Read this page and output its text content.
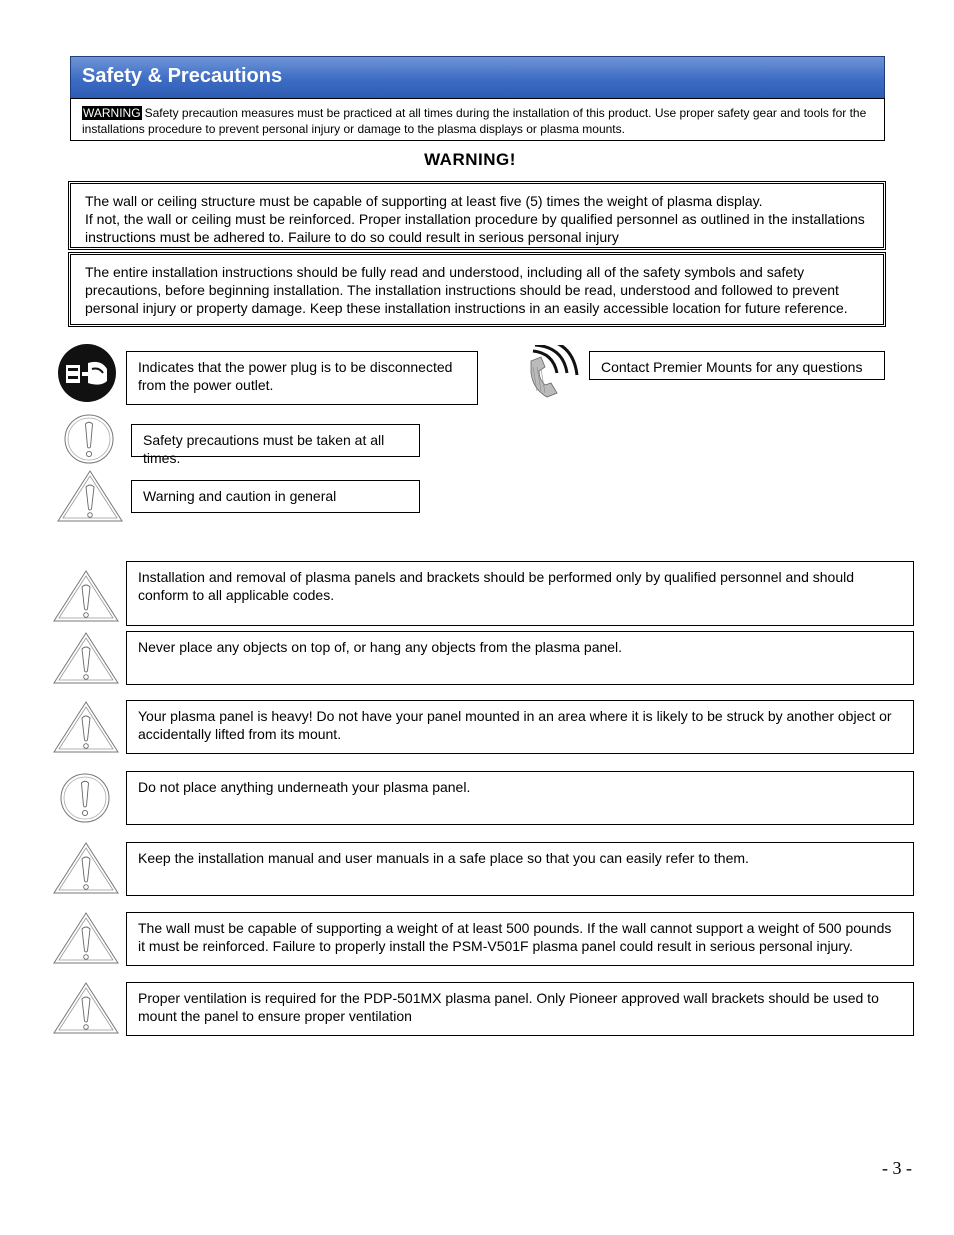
Safety & Precautions
WARNING Safety precaution measures must be practiced at all times during the installation of this product. Use proper safety gear and tools for the installations procedure to prevent personal injury or damage to the plasma displays or plasma mounts.
WARNING!
The wall or ceiling structure must be capable of supporting at least five (5) times the weight of plasma display.
If not, the wall or ceiling must be reinforced. Proper installation procedure by qualified personnel as outlined in the installations instructions must be adhered to. Failure to do so could result in serious personal injury
The entire installation instructions should be fully read and understood, including all of the safety symbols and safety precautions, before beginning installation. The installation instructions should be read, understood and followed to prevent personal injury or property damage. Keep these installation instructions in an easily accessible location for future reference.
Indicates that the power plug is to be disconnected from the power outlet.
Contact Premier Mounts for any questions
Safety precautions must be taken at all times.
Warning and caution in general
Installation and removal of plasma panels and brackets should be performed only by qualified personnel and should conform to all applicable codes.
Never place any objects on top of, or hang any objects from the plasma panel.
Your plasma panel is heavy! Do not have your panel mounted in an area where it is likely to be struck by another object or accidentally lifted from its mount.
Do not place anything underneath your plasma panel.
Keep the installation manual and user manuals in a safe place so that you can easily refer to them.
The wall must be capable of supporting a weight of at least 500 pounds. If the wall cannot support a weight of 500 pounds it must be reinforced. Failure to properly install the PSM-V501F plasma panel could result in serious personal injury.
Proper ventilation is required for the PDP-501MX plasma panel. Only Pioneer approved wall brackets should be used to mount the panel to ensure proper ventilation
- 3 -
